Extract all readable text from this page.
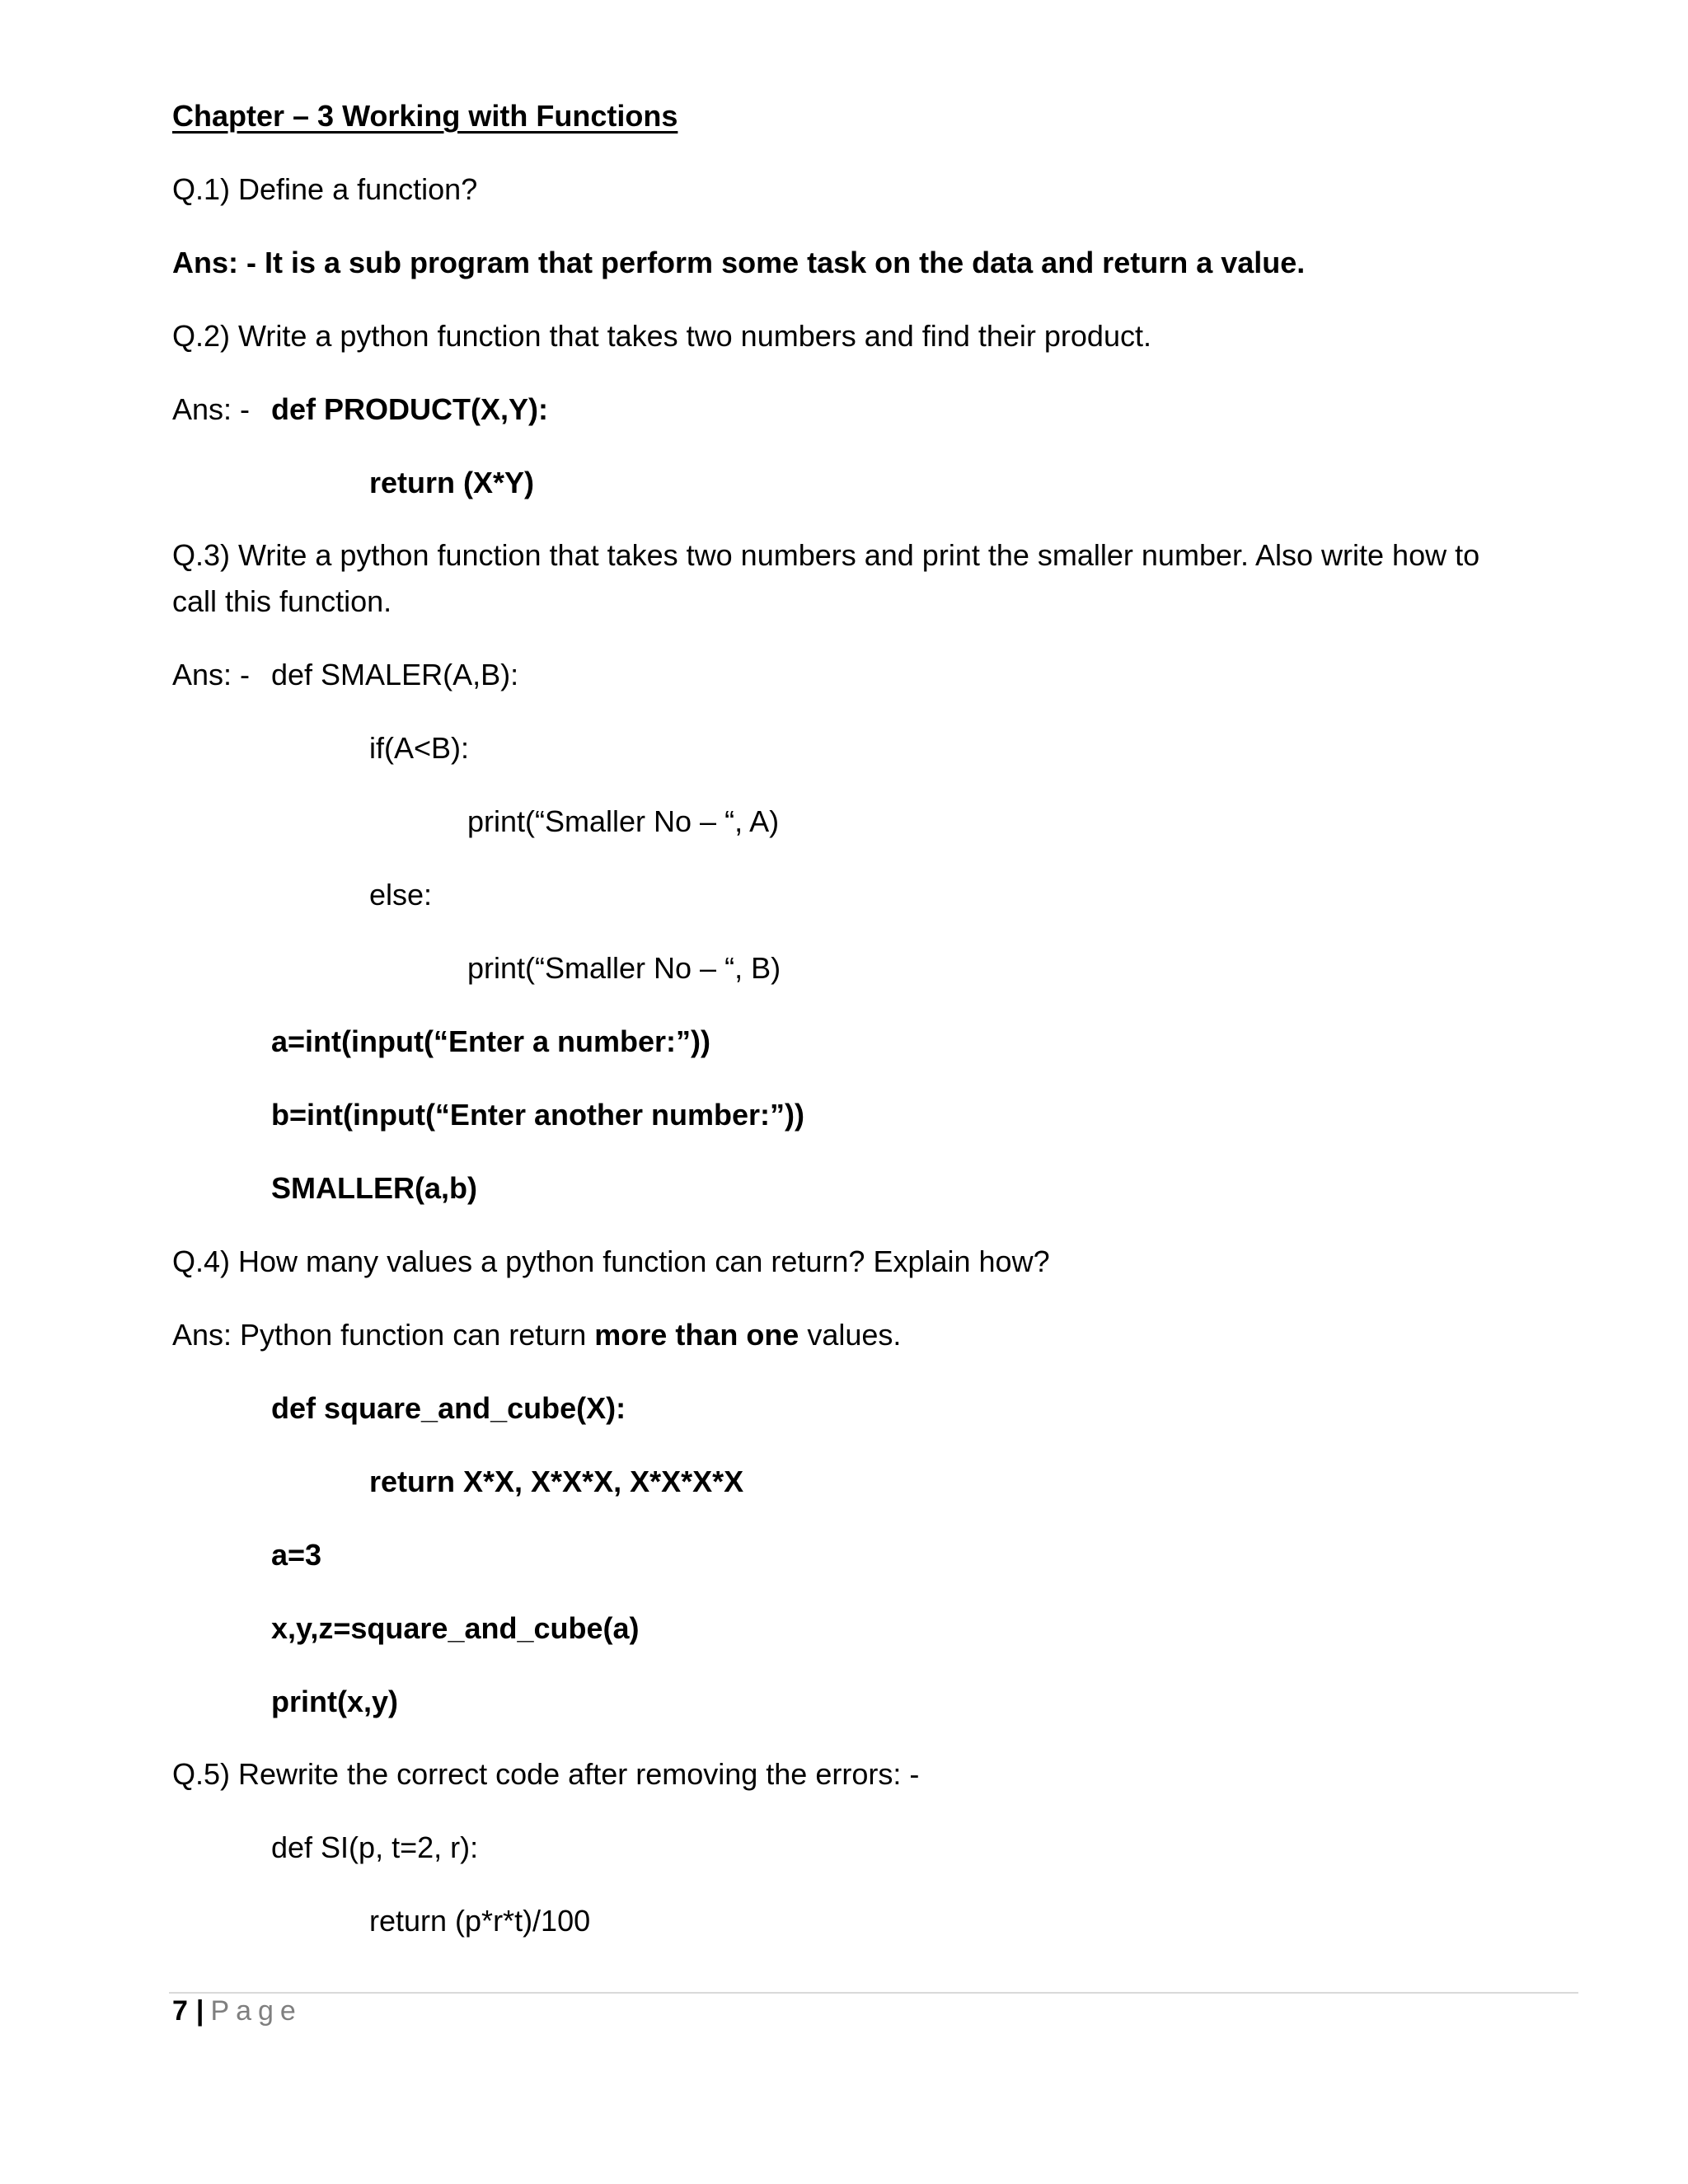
Chapter – 3 Working with Functions
Q.1) Define a function?
Ans: - It is a sub program that perform some task on the data and return a value.
Q.2) Write a python function that takes two numbers and find their product.
Ans: - def PRODUCT(X,Y):
return (X*Y)
Q.3) Write a python function that takes two numbers and print the smaller number. Also write how to
call this function.
Ans: - def SMALER(A,B):
if(A<B):
print(“Smaller No – “, A)
else:
print(“Smaller No – “, B)
a=int(input(“Enter a number:”))
b=int(input(“Enter another number:”))
SMALLER(a,b)
Q.4) How many values a python function can return? Explain how?
Ans: Python function can return more than one values.
def square_and_cube(X):
return X*X, X*X*X, X*X*X*X
a=3
x,y,z=square_and_cube(a)
print(x,y)
Q.5) Rewrite the correct code after removing the errors: -
def SI(p, t=2, r):
return (p*r*t)/100
7 | Page
